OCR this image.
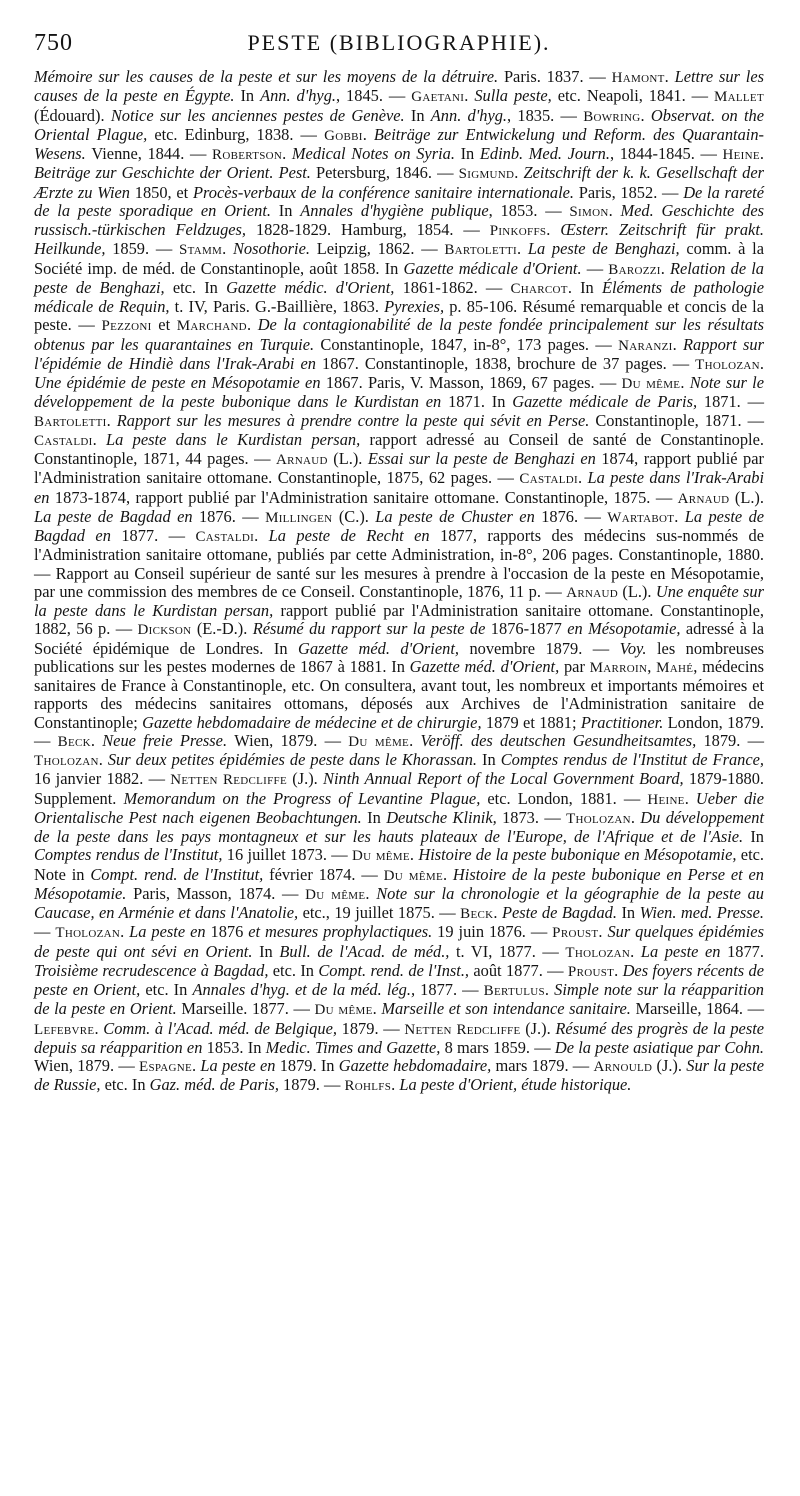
750	PESTE (BIBLIOGRAPHIE).

Mémoire sur les causes de la peste et sur les moyens de la détruire. Paris. 1837. — Hamont. Lettre sur les causes de la peste en Égypte. In Ann. d'hyg., 1845. — Gaetani. Sulla peste, etc. Neapoli, 1841. — Mallet (Édouard). Notice sur les anciennes pestes de Genève. In Ann. d'hyg., 1835. — Bowring. Observat. on the Oriental Plague, etc. Edinburg, 1838. — Gobbi. Beiträge zur Entwickelung und Reform. des Quarantain-Wesens. Vienne, 1844. — Robertson. Medical Notes on Syria. In Edinb. Med. Journ., 1844-1845. — Heine. Beiträge zur Geschichte der Orient. Pest. Petersburg, 1846. — Sigmund. Zeitschrift der k. k. Gesellschaft der Ærzte zu Wien 1850, et Procès-verbaux de la conférence sanitaire internationale. Paris, 1852. — De la rareté de la peste sporadique en Orient. In Annales d'hygiène publique, 1853. — Simon. Med. Geschichte des russisch.-türkischen Feldzuges, 1828-1829. Hamburg, 1854. — Pinkoffs. Œsterr. Zeitschrift für prakt. Heilkunde, 1859. — Stamm. Nosothorie. Leipzig, 1862. — Bartoletti. La peste de Benghazi, comm. à la Société imp. de méd. de Constantinople, août 1858. In Gazette médicale d'Orient. — Barozzi. Relation de la peste de Benghazi, etc. In Gazette médic. d'Orient, 1861-1862. — Charcot. In Éléments de pathologie médicale de Requin, t. IV, Paris. G.-Baillière, 1863. Pyrexies, p. 85-106. Résumé remarquable et concis de la peste. — Pezzoni et Marchand. De la contagionabilité de la peste fondée principalement sur les résultats obtenus par les quarantaines en Turquie. Constantinople, 1847, in-8°, 173 pages. — Naranzi. Rapport sur l'épidémie de Hindiè dans l'Irak-Arabi en 1867. Constantinople, 1838, brochure de 37 pages. — Tholozan. Une épidémie de peste en Mésopotamie en 1867. Paris, V. Masson, 1869, 67 pages. — Du même. Note sur le développement de la peste bubonique dans le Kurdistan en 1871. In Gazette médicale de Paris, 1871. — Bartoletti. Rapport sur les mesures à prendre contre la peste qui sévit en Perse. Constantinople, 1871. — Castaldi. La peste dans le Kurdistan persan, rapport adressé au Conseil de santé de Constantinople. Constantinople, 1871, 44 pages. — Arnaud (L.). Essai sur la peste de Benghazi en 1874, rapport publié par l'Administration sanitaire ottomane. Constantinople, 1875, 62 pages. — Castaldi. La peste dans l'Irak-Arabi en 1873-1874, rapport publié par l'Administration sanitaire ottomane. Constantinople, 1875. — Arnaud (L.). La peste de Bagdad en 1876. — Millingen (C.). La peste de Chuster en 1876. — Wartabot. La peste de Bagdad en 1877. — Castaldi. La peste de Recht en 1877, rapports des médecins sus-nommés de l'Administration sanitaire ottomane, publiés par cette Administration, in-8°, 206 pages. Constantinople, 1880. — Rapport au Conseil supérieur de santé sur les mesures à prendre à l'occasion de la peste en Mésopotamie, par une commission des membres de ce Conseil. Constantinople, 1876, 11 p. — Arnaud (L.). Une enquête sur la peste dans le Kurdistan persan, rapport publié par l'Administration sanitaire ottomane. Constantinople, 1882, 56 p. — Dickson (E.-D.). Résumé du rapport sur la peste de 1876-1877 en Mésopotamie, adressé à la Société épidémique de Londres. In Gazette méd. d'Orient, novembre 1879. — Voy. les nombreuses publications sur les pestes modernes de 1867 à 1881. In Gazette méd. d'Orient, par Marroin, Mahé, médecins sanitaires de France à Constantinople, etc. On consultera, avant tout, les nombreux et importants mémoires et rapports des médecins sanitaires ottomans, déposés aux Archives de l'Administration sanitaire de Constantinople; Gazette hebdomadaire de médecine et de chirurgie, 1879 et 1881; Practitioner. London, 1879. — Beck. Neue freie Presse. Wien, 1879. — Du même. Veröff. des deutschen Gesundheitsamtes, 1879. — Tholozan. Sur deux petites épidémies de peste dans le Khorassan. In Comptes rendus de l'Institut de France, 16 janvier 1882. — Netten Redcliffe (J.). Ninth Annual Report of the Local Government Board, 1879-1880. Supplement. Memorandum on the Progress of Levantine Plague, etc. London, 1881. — Heine. Ueber die Orientalische Pest nach eigenen Beobachtungen. In Deutsche Klinik, 1873. — Tholozan. Du développement de la peste dans les pays montagneux et sur les hauts plateaux de l'Europe, de l'Afrique et de l'Asie. In Comptes rendus de l'Institut, 16 juillet 1873. — Du même. Histoire de la peste bubonique en Mésopotamie, etc. Note in Compt. rend. de l'Institut, février 1874. — Du même. Histoire de la peste bubonique en Perse et en Mésopotamie. Paris, Masson, 1874. — Du même. Note sur la chronologie et la géographie de la peste au Caucase, en Arménie et dans l'Anatolie, etc., 19 juillet 1875. — Beck. Peste de Bagdad. In Wien. med. Presse. — Tholozan. La peste en 1876 et mesures prophylactiques. 19 juin 1876. — Proust. Sur quelques épidémies de peste qui ont sévi en Orient. In Bull. de l'Acad. de méd., t. VI, 1877. — Tholozan. La peste en 1877. Troisième recrudescence à Bagdad, etc. In Compt. rend. de l'Inst., août 1877. — Proust. Des foyers récents de peste en Orient, etc. In Annales d'hyg. et de la méd. lég., 1877. — Bertulus. Simple note sur la réapparition de la peste en Orient. Marseille. 1877. — Du même. Marseille et son intendance sanitaire. Marseille, 1864. — Lefebvre. Comm. à l'Acad. méd. de Belgique, 1879. — Netten Redcliffe (J.). Résumé des progrès de la peste depuis sa réapparition en 1853. In Medic. Times and Gazette, 8 mars 1859. — De la peste asiatique par Cohn. Wien, 1879. — Espagne. La peste en 1879. In Gazette hebdomadaire, mars 1879. — Arnould (J.). Sur la peste de Russie, etc. In Gaz. méd. de Paris, 1879. — Rohlfs. La peste d'Orient, étude historique.
